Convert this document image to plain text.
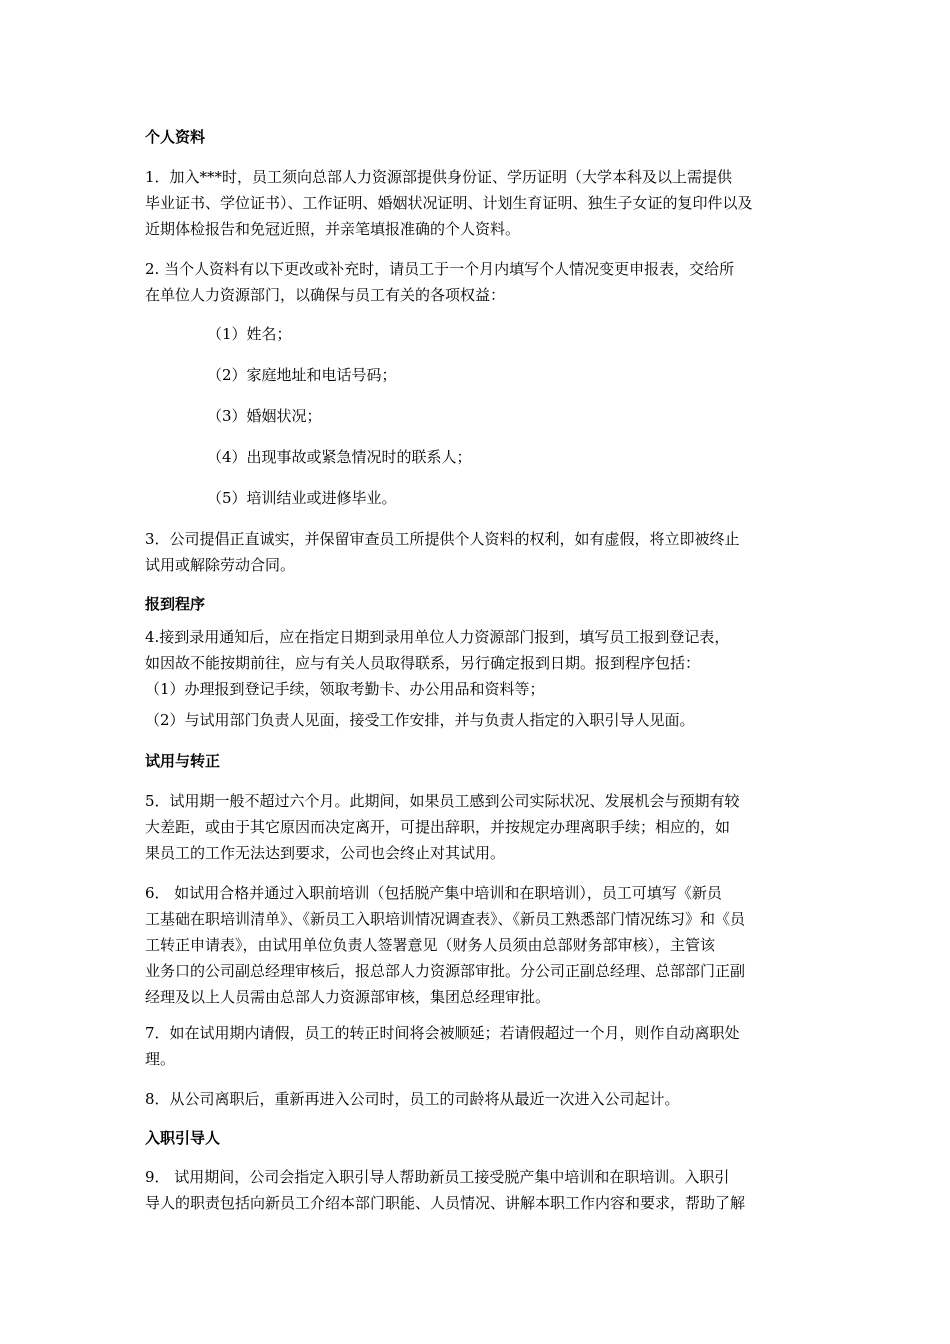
个人资料
1．加入***时，员工须向总部人力资源部提供身份证、学历证明（大学本科及以上需提供
毕业证书、学位证书）、工作证明、婚姻状况证明、计划生育证明、独生子女证的复印件以及
近期体检报告和免冠近照，并亲笔填报准确的个人资料。
2. 当个人资料有以下更改或补充时，请员工于一个月内填写个人情况变更申报表，交给所
在单位人力资源部门，以确保与员工有关的各项权益：
（1）姓名；
（2）家庭地址和电话号码；
（3）婚姻状况；
（4）出现事故或紧急情况时的联系人；
（5）培训结业或进修毕业。
3．公司提倡正直诚实，并保留审查员工所提供个人资料的权利，如有虚假，将立即被终止
试用或解除劳动合同。
报到程序
4.接到录用通知后，应在指定日期到录用单位人力资源部门报到，填写员工报到登记表，
如因故不能按期前往，应与有关人员取得联系，另行确定报到日期。报到程序包括：
（1）办理报到登记手续，领取考勤卡、办公用品和资料等；
（2）与试用部门负责人见面，接受工作安排，并与负责人指定的入职引导人见面。
试用与转正
5．试用期一般不超过六个月。此期间，如果员工感到公司实际状况、发展机会与预期有较
大差距，或由于其它原因而决定离开，可提出辞职，并按规定办理离职手续；相应的，如
果员工的工作无法达到要求，公司也会终止对其试用。
6． 如试用合格并通过入职前培训（包括脱产集中培训和在职培训），员工可填写《新员
工基础在职培训清单》、《新员工入职培训情况调查表》、《新员工熟悉部门情况练习》和《员
工转正申请表》，由试用单位负责人签署意见（财务人员须由总部财务部审核），主管该
业务口的公司副总经理审核后，报总部人力资源部审批。分公司正副总经理、总部部门正副
经理及以上人员需由总部人力资源部审核，集团总经理审批。
7．如在试用期内请假，员工的转正时间将会被顺延；若请假超过一个月，则作自动离职处
理。
8．从公司离职后，重新再进入公司时，员工的司龄将从最近一次进入公司起计。
入职引导人
9． 试用期间，公司会指定入职引导人帮助新员工接受脱产集中培训和在职培训。入职引
导人的职责包括向新员工介绍本部门职能、人员情况、讲解本职工作内容和要求，帮助了解
